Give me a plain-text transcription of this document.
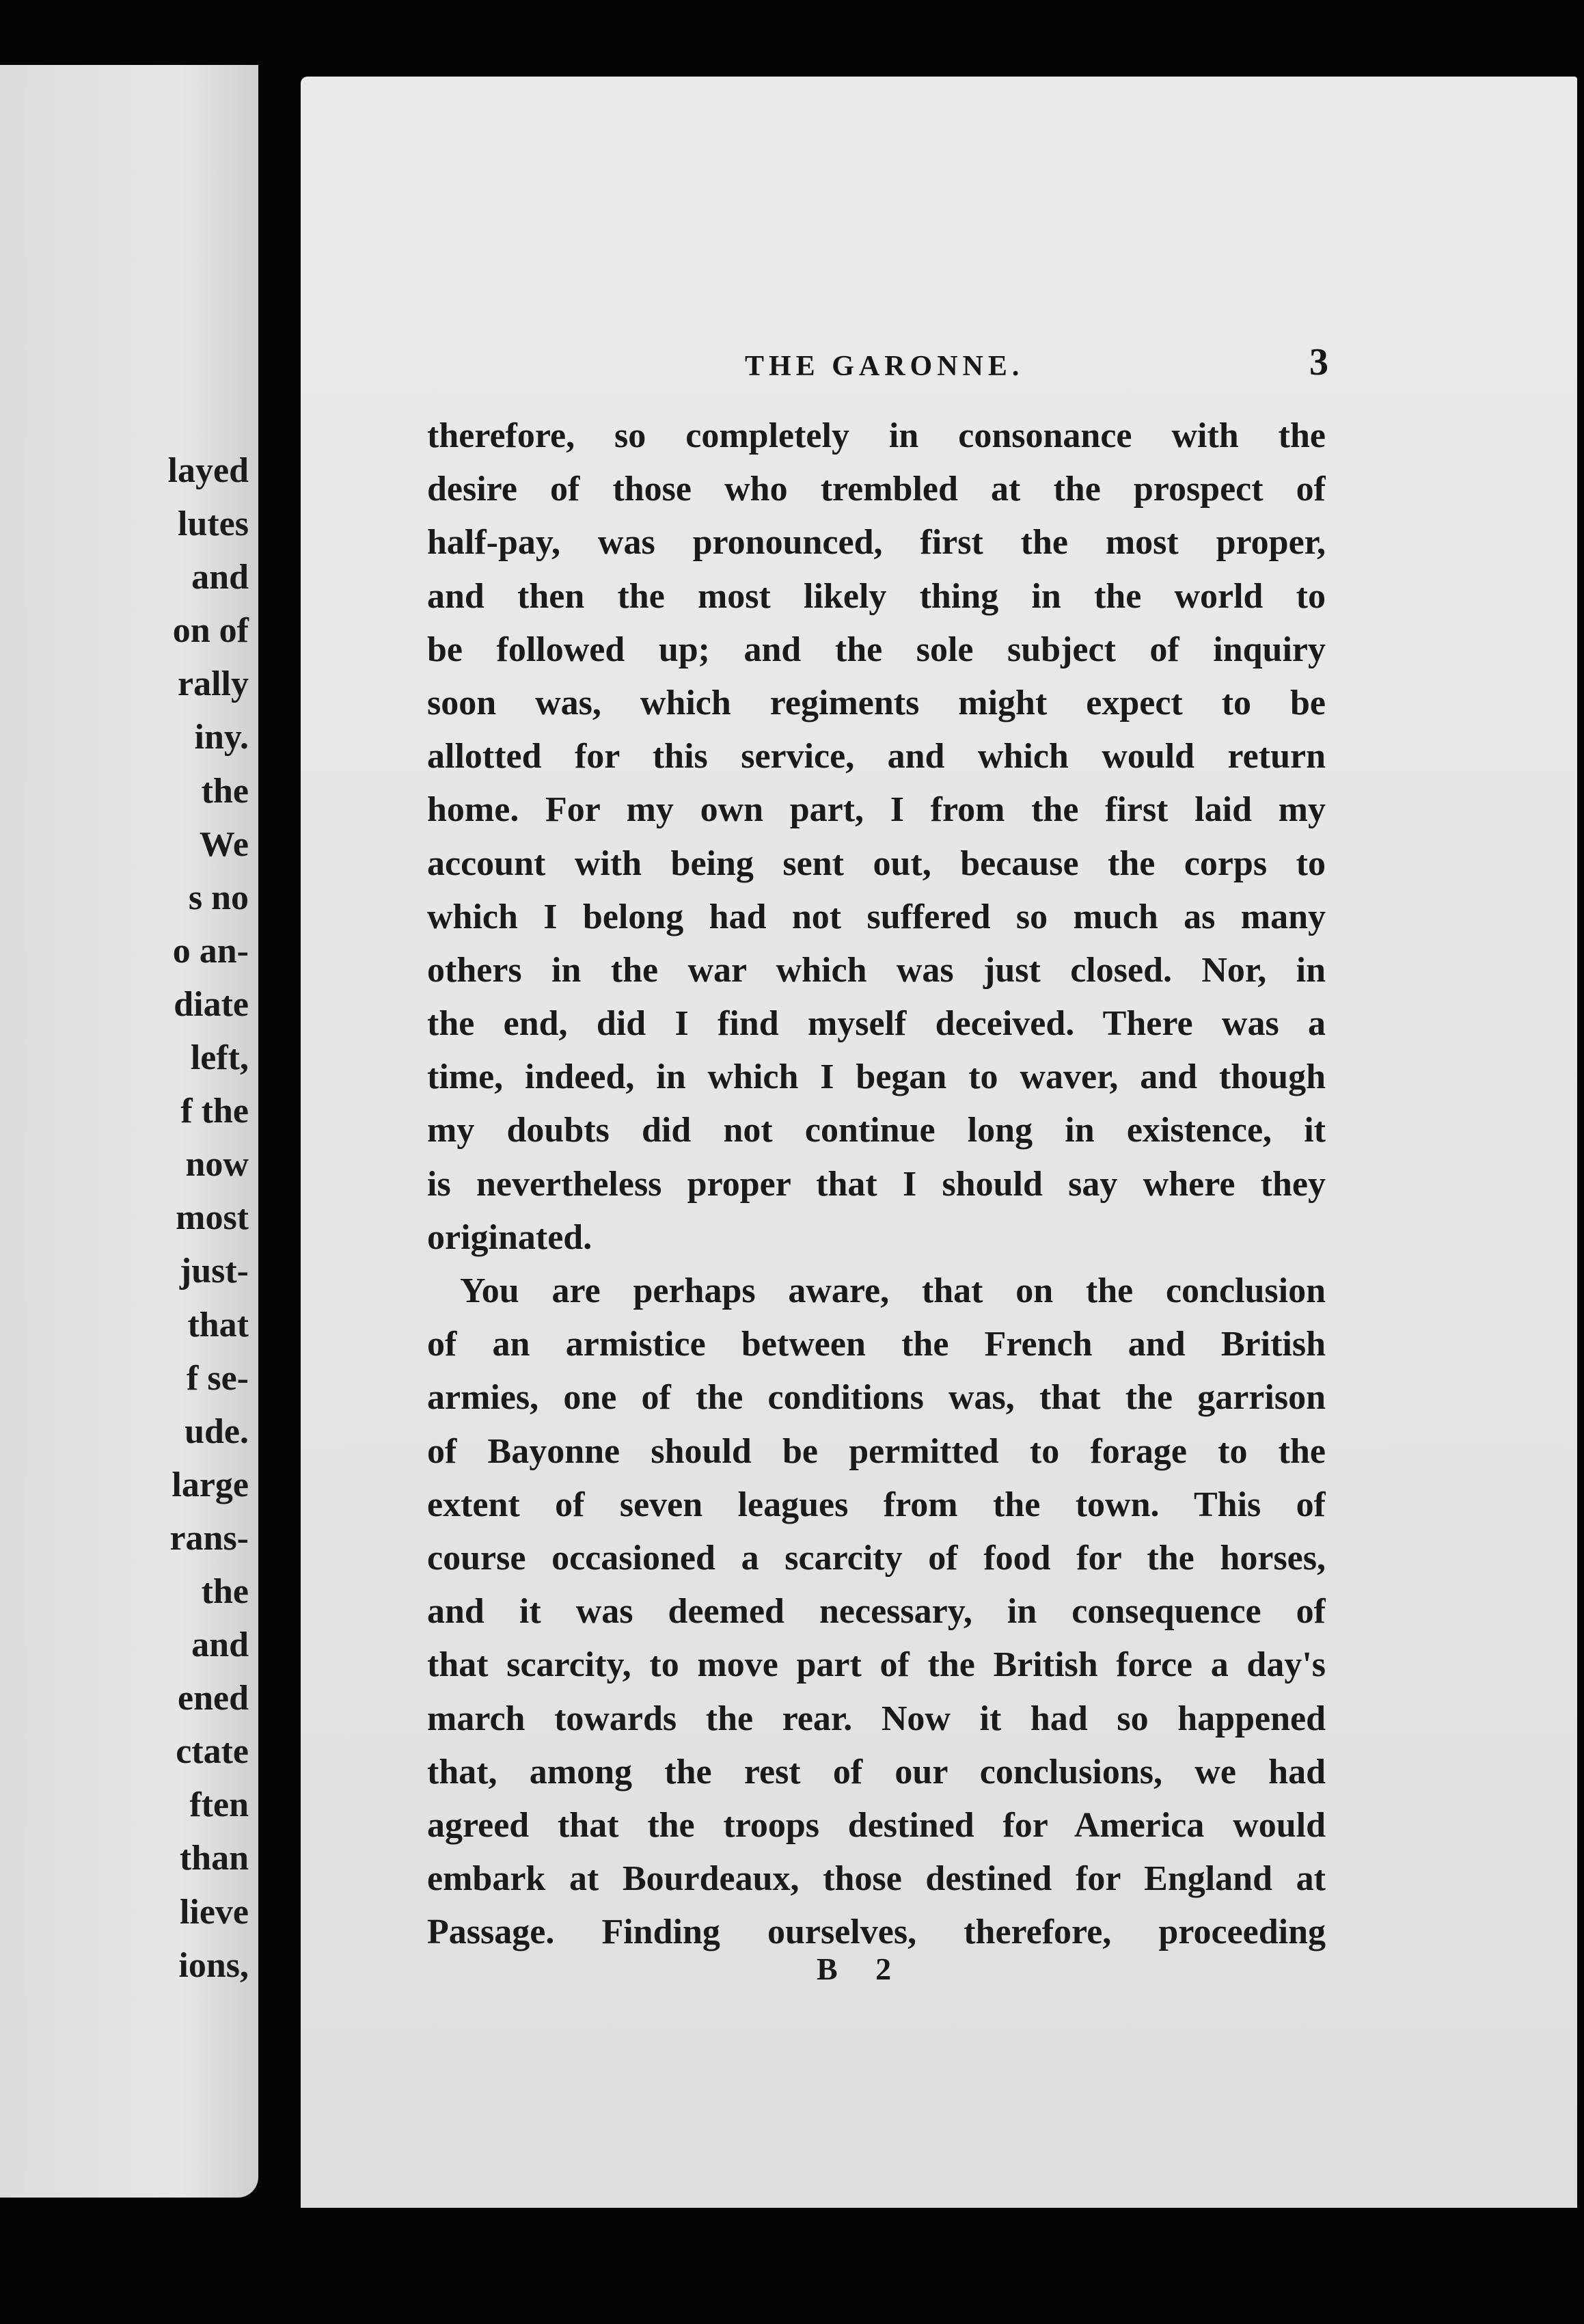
layed
lutes
and
on of
rally
iny.
the
We
s no
o an-
diate
left,
f the
now
most
just-
that
f se-
ude.
large
rans-
the
and
ened
ctate
ften
than
lieve
ions,
THE GARONNE.	3
therefore, so completely in consonance with the
desire of those who trembled at the prospect of
half-pay, was pronounced, first the most proper,
and then the most likely thing in the world to
be followed up; and the sole subject of inquiry
soon was, which regiments might expect to be
allotted for this service, and which would return
home. For my own part, I from the first laid my
account with being sent out, because the corps to
which I belong had not suffered so much as many
others in the war which was just closed. Nor, in
the end, did I find myself deceived. There was a
time, indeed, in which I began to waver, and though
my doubts did not continue long in existence, it
is nevertheless proper that I should say where they
originated.
You are perhaps aware, that on the conclusion
of an armistice between the French and British
armies, one of the conditions was, that the garrison
of Bayonne should be permitted to forage to the
extent of seven leagues from the town. This of
course occasioned a scarcity of food for the horses,
and it was deemed necessary, in consequence of
that scarcity, to move part of the British force a day's
march towards the rear. Now it had so happened
that, among the rest of our conclusions, we had
agreed that the troops destined for America would
embark at Bourdeaux, those destined for England at
Passage. Finding ourselves, therefore, proceeding
B 2
